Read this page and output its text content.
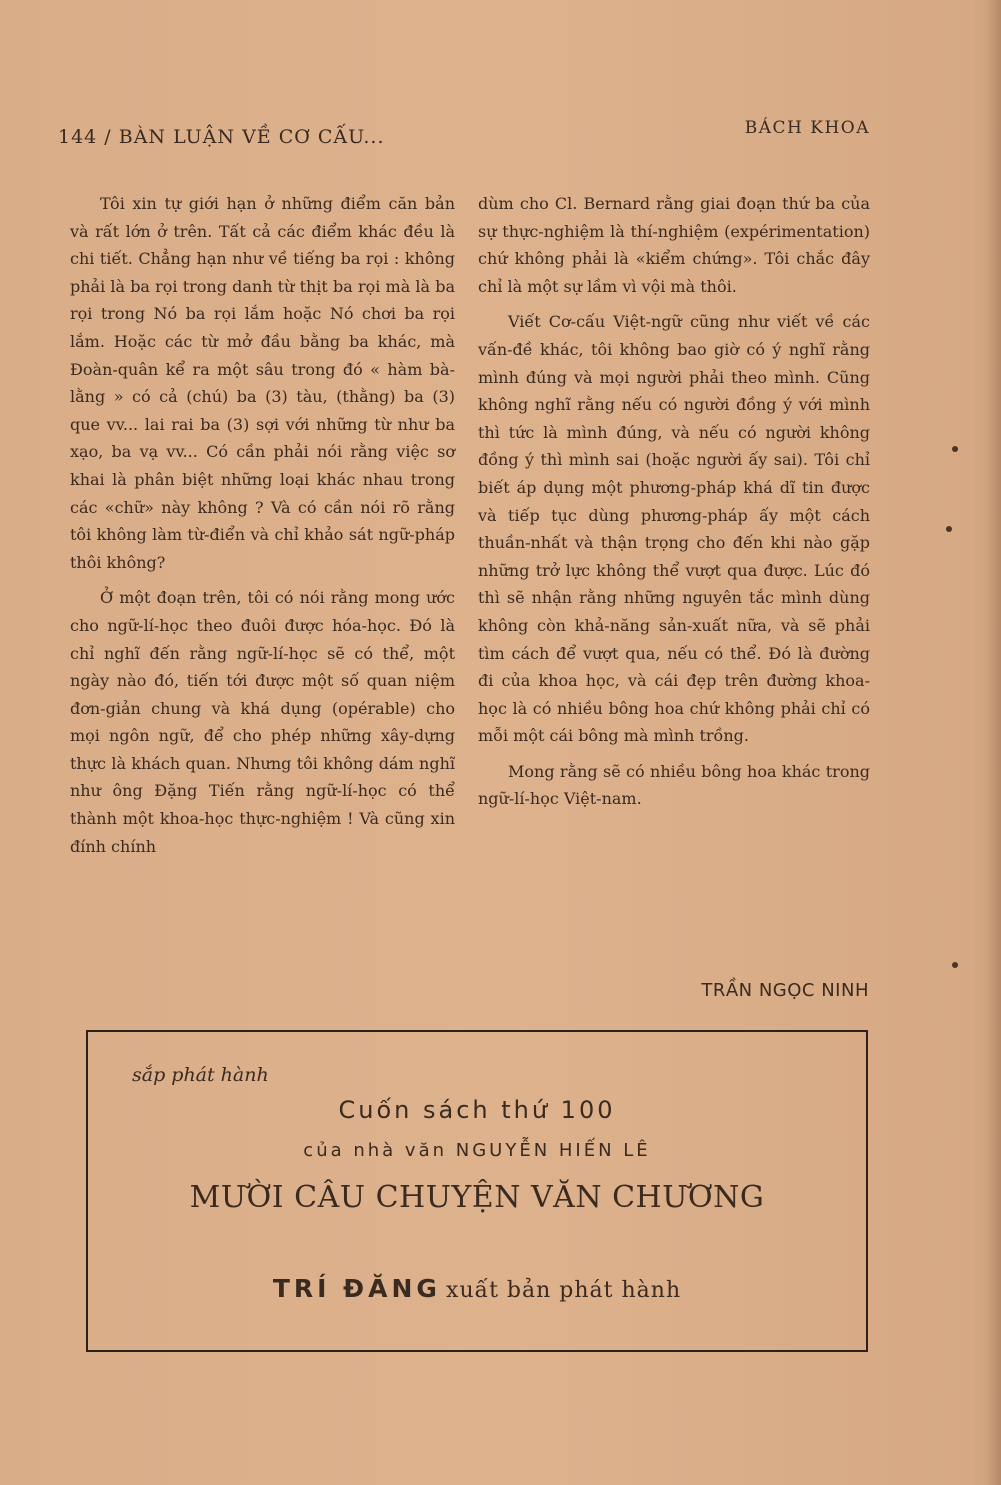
144 / BÀN LUẬN VỀ CƠ CẤU...	BÁCH KHOA

Tôi xin tự giới hạn ở những điểm căn bản và rất lớn ở trên. Tất cả các điểm khác đều là chi tiết. Chẳng hạn như về tiếng ba rọi : không phải là ba rọi trong danh từ thịt ba rọi mà là ba rọi trong Nó ba rọi lắm hoặc Nó chơi ba rọi lắm. Hoặc các từ mở đầu bằng ba khác, mà Đoàn-quân kể ra một sâu trong đó « hàm bà-lằng » có cả (chú) ba (3) tàu, (thằng) ba (3) que vv... lai rai ba (3) sợi với những từ như ba xạo, ba vạ vv... Có cần phải nói rằng việc sơ khai là phân biệt những loại khác nhau trong các «chữ» này không ? Và có cần nói rõ rằng tôi không làm từ-điển và chỉ khảo sát ngữ-pháp thôi không?

Ở một đoạn trên, tôi có nói rằng mong ước cho ngữ-lí-học theo đuôi được hóa-học. Đó là chỉ nghĩ đến rằng ngữ-lí-học sẽ có thể, một ngày nào đó, tiến tới được một số quan niệm đơn-giản chung và khá dụng (opérable) cho mọi ngôn ngữ, để cho phép những xây-dựng thực là khách quan. Nhưng tôi không dám nghĩ như ông Đặng Tiến rằng ngữ-lí-học có thể thành một khoa-học thực-nghiệm ! Và cũng xin đính chính

dùm cho Cl. Bernard rằng giai đoạn thứ ba của sự thực-nghiệm là thí-nghiệm (expérimentation) chứ không phải là «kiểm chứng». Tôi chắc đây chỉ là một sự lầm vì vội mà thôi.

Viết Cơ-cấu Việt-ngữ cũng như viết về các vấn-đề khác, tôi không bao giờ có ý nghĩ rằng mình đúng và mọi người phải theo mình. Cũng không nghĩ rằng nếu có người đồng ý với mình thì tức là mình đúng, và nếu có người không đồng ý thì mình sai (hoặc người ấy sai). Tôi chỉ biết áp dụng một phương-pháp khá dĩ tin được và tiếp tục dùng phương-pháp ấy một cách thuần-nhất và thận trọng cho đến khi nào gặp những trở lực không thể vượt qua được. Lúc đó thì sẽ nhận rằng những nguyên tắc mình dùng không còn khả-năng sản-xuất nữa, và sẽ phải tìm cách để vượt qua, nếu có thể. Đó là đường đi của khoa học, và cái đẹp trên đường khoa-học là có nhiều bông hoa chứ không phải chỉ có mỗi một cái bông mà mình trồng.

Mong rằng sẽ có nhiều bông hoa khác trong ngữ-lí-học Việt-nam.

TRẦN NGỌC NINH
sắp phát hành
Cuốn sách thứ 100
của nhà văn NGUYỄN HIẾN LÊ
MƯỜI CÂU CHUYỆN VĂN CHƯƠNG
TRÍ ĐĂNG xuất bản phát hành
